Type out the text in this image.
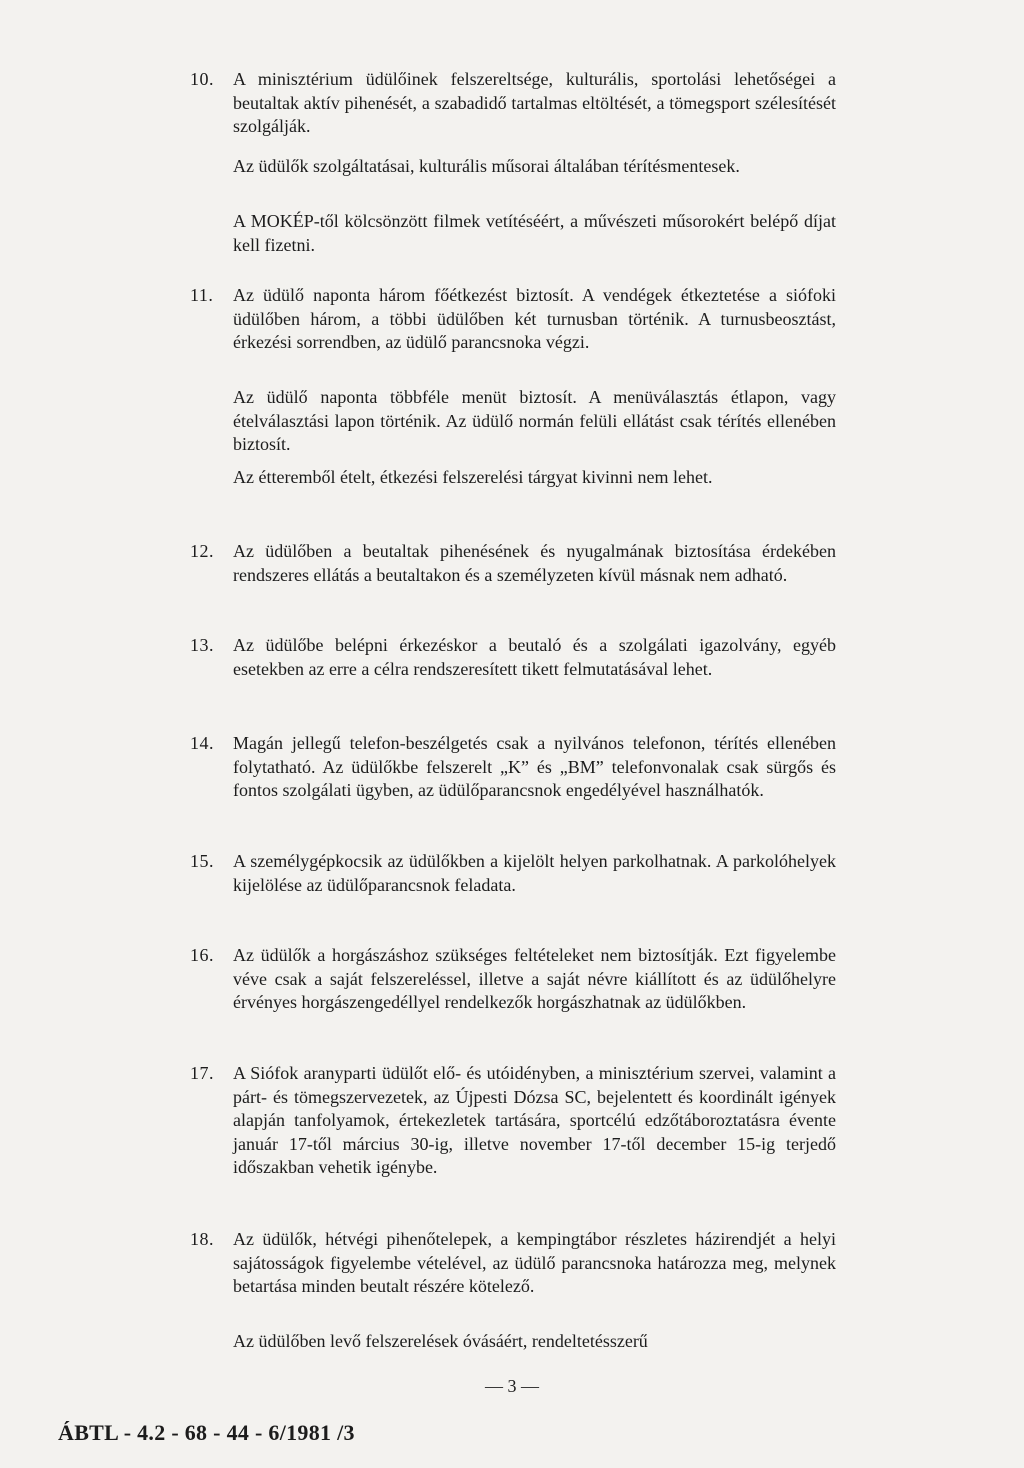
10.	A minisztérium üdülőinek felszereltsége, kulturális, sportolási lehetőségei a beutaltak aktív pihenését, a szabadidő tartalmas eltöltését, a tömegsport szélesítését szolgálják.

Az üdülők szolgáltatásai, kulturális műsorai általában térítésmentesek.

A MOKÉP-től kölcsönzött filmek vetítéséért, a művészeti műsorokért belépő díjat kell fizetni.

11.	Az üdülő naponta három főétkezést biztosít. A vendégek étkeztetése a siófoki üdülőben három, a többi üdülőben két turnusban történik. A turnusbeosztást, érkezési sorrendben, az üdülő parancsnoka végzi.

Az üdülő naponta többféle menüt biztosít. A menüválasztás étlapon, vagy ételválasztási lapon történik. Az üdülő normán felüli ellátást csak térítés ellenében biztosít.

Az étteremből ételt, étkezési felszerelési tárgyat kivinni nem lehet.

12.	Az üdülőben a beutaltak pihenésének és nyugalmának biztosítása érdekében rendszeres ellátás a beutaltakon és a személyzeten kívül másnak nem adható.

13.	Az üdülőbe belépni érkezéskor a beutaló és a szolgálati igazolvány, egyéb esetekben az erre a célra rendszeresített tikett felmutatásával lehet.

14.	Magán jellegű telefon-beszélgetés csak a nyilvános telefonon, térítés ellenében folytatható. Az üdülőkbe felszerelt „K” és „BM” telefonvonalak csak sürgős és fontos szolgálati ügyben, az üdülőparancsnok engedélyével használhatók.

15.	A személygépkocsik az üdülőkben a kijelölt helyen parkolhatnak. A parkolóhelyek kijelölése az üdülőparancsnok feladata.

16.	Az üdülők a horgászáshoz szükséges feltételeket nem biztosítják. Ezt figyelembe véve csak a saját felszereléssel, illetve a saját névre kiállított és az üdülőhelyre érvényes horgászengedéllyel rendelkezők horgászhatnak az üdülőkben.

17.	A Siófok aranyparti üdülőt elő- és utóidényben, a minisztérium szervei, valamint a párt- és tömegszervezetek, az Újpesti Dózsa SC, bejelentett és koordinált igények alapján tanfolyamok, értekezletek tartására, sportcélú edzőtáboroztatásra évente január 17-től március 30-ig, illetve november 17-től december 15-ig terjedő időszakban vehetik igénybe.

18.	Az üdülők, hétvégi pihenőtelepek, a kempingtábor részletes házirendjét a helyi sajátosságok figyelembe vételével, az üdülő parancsnoka határozza meg, melynek betartása minden beutalt részére kötelező.

Az üdülőben levő felszerelések óvásáért, rendeltetésszerű

— 3 —
ÁBTL - 4.2 - 68 - 44 - 6/1981 /3
